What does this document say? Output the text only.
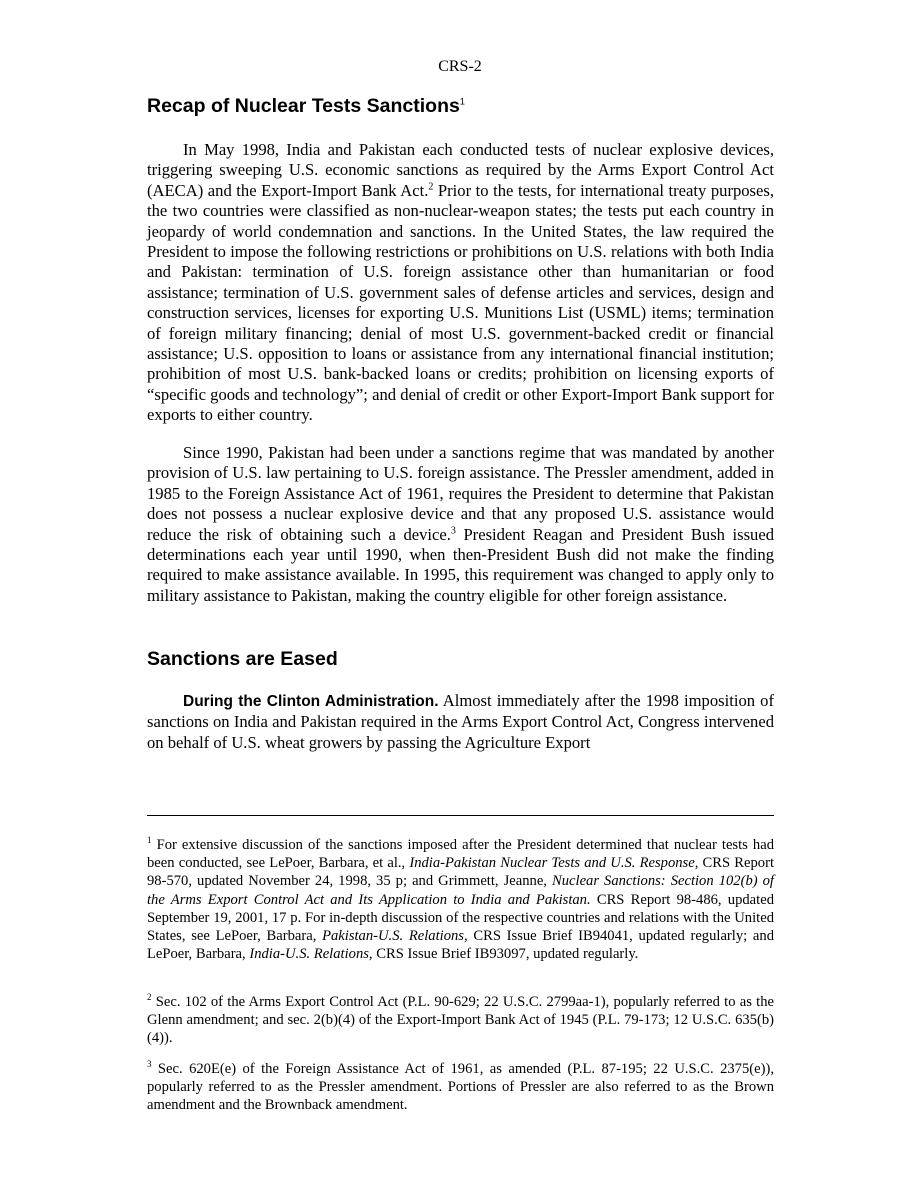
CRS-2
Recap of Nuclear Tests Sanctions$^1$

In May 1998, India and Pakistan each conducted tests of nuclear explosive devices, triggering sweeping U.S. economic sanctions as required by the Arms Export Control Act (AECA) and the Export-Import Bank Act.$^2$ Prior to the tests, for international treaty purposes, the two countries were classified as non-nuclear-weapon states; the tests put each country in jeopardy of world condemnation and sanctions. In the United States, the law required the President to impose the following restrictions or prohibitions on U.S. relations with both India and Pakistan: termination of U.S. foreign assistance other than humanitarian or food assistance; termination of U.S. government sales of defense articles and services, design and construction services, licenses for exporting U.S. Munitions List (USML) items; termination of foreign military financing; denial of most U.S. government-backed credit or financial assistance; U.S. opposition to loans or assistance from any international financial institution; prohibition of most U.S. bank-backed loans or credits; prohibition on licensing exports of “specific goods and technology”; and denial of credit or other Export-Import Bank support for exports to either country.

Since 1990, Pakistan had been under a sanctions regime that was mandated by another provision of U.S. law pertaining to U.S. foreign assistance. The Pressler amendment, added in 1985 to the Foreign Assistance Act of 1961, requires the President to determine that Pakistan does not possess a nuclear explosive device and that any proposed U.S. assistance would reduce the risk of obtaining such a device.$^3$ President Reagan and President Bush issued determinations each year until 1990, when then-President Bush did not make the finding required to make assistance available. In 1995, this requirement was changed to apply only to military assistance to Pakistan, making the country eligible for other foreign assistance.

Sanctions are Eased

During the Clinton Administration. Almost immediately after the 1998 imposition of sanctions on India and Pakistan required in the Arms Export Control Act, Congress intervened on behalf of U.S. wheat growers by passing the Agriculture Export

$^1$ For extensive discussion of the sanctions imposed after the President determined that nuclear tests had been conducted, see LePoer, Barbara, et al., India-Pakistan Nuclear Tests and U.S. Response, CRS Report 98-570, updated November 24, 1998, 35 p; and Grimmett, Jeanne, Nuclear Sanctions: Section 102(b) of the Arms Export Control Act and Its Application to India and Pakistan. CRS Report 98-486, updated September 19, 2001, 17 p. For in-depth discussion of the respective countries and relations with the United States, see LePoer, Barbara, Pakistan-U.S. Relations, CRS Issue Brief IB94041, updated regularly; and LePoer, Barbara, India-U.S. Relations, CRS Issue Brief IB93097, updated regularly.

$^2$ Sec. 102 of the Arms Export Control Act (P.L. 90-629; 22 U.S.C. 2799aa-1), popularly referred to as the Glenn amendment; and sec. 2(b)(4) of the Export-Import Bank Act of 1945 (P.L. 79-173; 12 U.S.C. 635(b)(4)).

$^3$ Sec. 620E(e) of the Foreign Assistance Act of 1961, as amended (P.L. 87-195; 22 U.S.C. 2375(e)), popularly referred to as the Pressler amendment. Portions of Pressler are also referred to as the Brown amendment and the Brownback amendment.
